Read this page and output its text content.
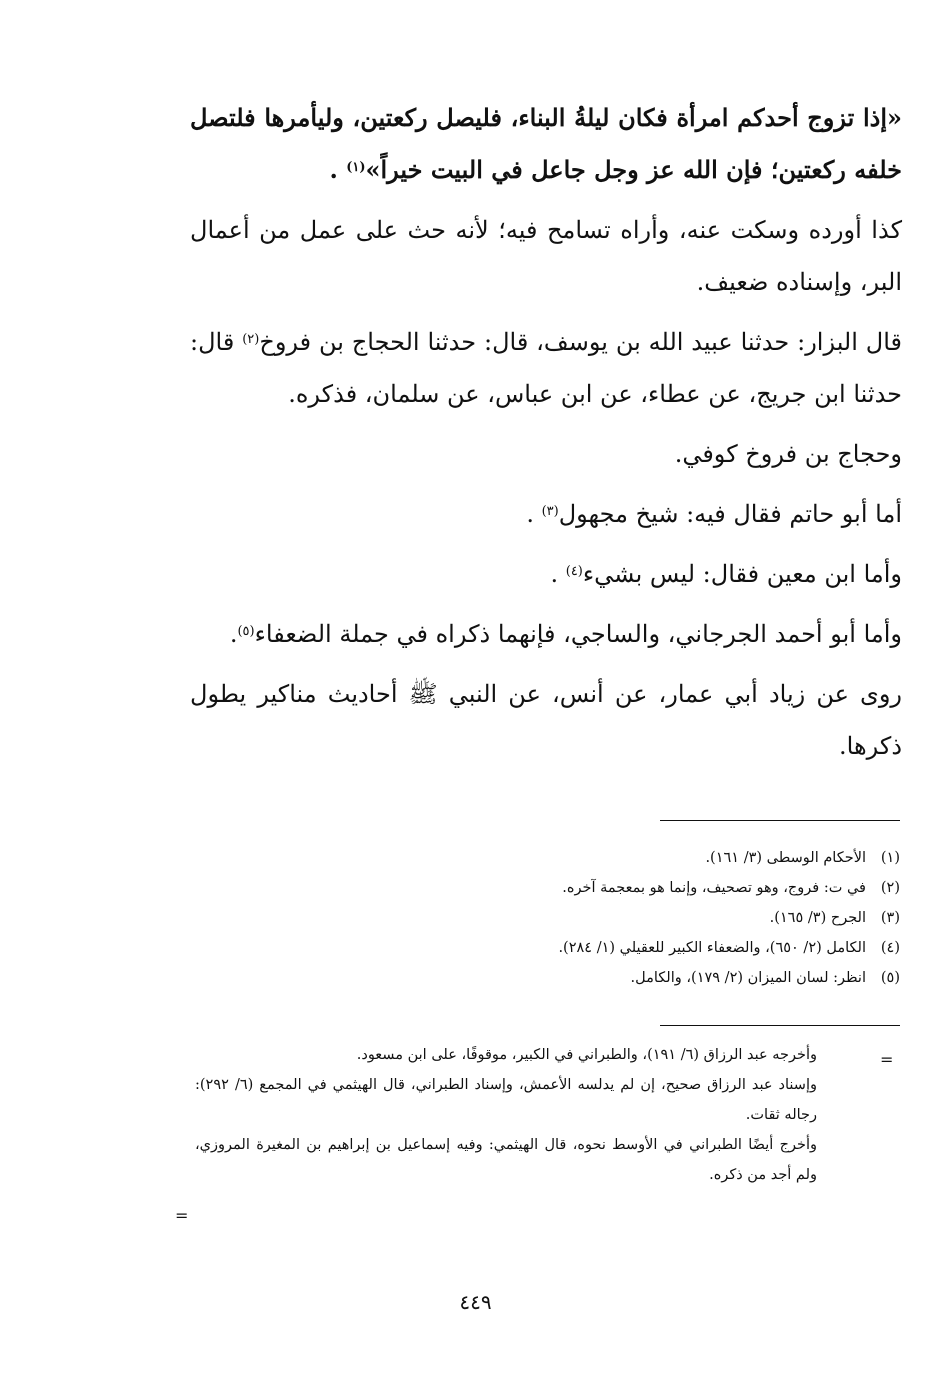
«إذا تزوج أحدكم امرأة فكان ليلةُ البناء، فليصل ركعتين، وليأمرها فلتصل خلفه ركعتين؛ فإن الله عز وجل جاعل في البيت خيراً»$^{(١)}$ .

كذا أورده وسكت عنه، وأراه تسامح فيه؛ لأنه حث على عمل من أعمال البر، وإسناده ضعيف.

قال البزار: حدثنا عبيد الله بن يوسف، قال: حدثنا الحجاج بن فروخ$^{(٢)}$ قال: حدثنا ابن جريج، عن عطاء، عن ابن عباس، عن سلمان، فذكره.

وحجاج بن فروخ كوفي.

أما أبو حاتم فقال فيه: شيخ مجهول$^{(٣)}$ .

وأما ابن معين فقال: ليس بشيء$^{(٤)}$ .

وأما أبو أحمد الجرجاني، والساجي، فإنهما ذكراه في جملة الضعفاء$^{(٥)}$.

روى عن زياد أبي عمار، عن أنس، عن النبي ﷺ أحاديث مناكير يطول ذكرها.

(١)
الأحكام الوسطى (٣/ ١٦١).
(٢)
في ت: فروج، وهو تصحيف، وإنما هو بمعجمة آخره.
(٣)
الجرح (٣/ ١٦٥).
(٤)
الكامل (٢/ ٦٥٠)، والضعفاء الكبير للعقيلي (١/ ٢٨٤).
(٥)
انظر: لسان الميزان (٢/ ١٧٩)، والكامل.
=

وأخرجه عبد الرزاق (٦/ ١٩١)، والطبراني في الكبير، موقوفًا، على ابن مسعود.

وإسناد عبد الرزاق صحيح، إن لم يدلسه الأعمش، وإسناد الطبراني، قال الهيثمي في المجمع (٦/ ٢٩٢): رجاله ثقات.

وأخرج أيضًا الطبراني في الأوسط نحوه، قال الهيثمي: وفيه إسماعيل بن إبراهيم بن المغيرة المروزي، ولم أجد من ذكره.

=
٤٤٩
